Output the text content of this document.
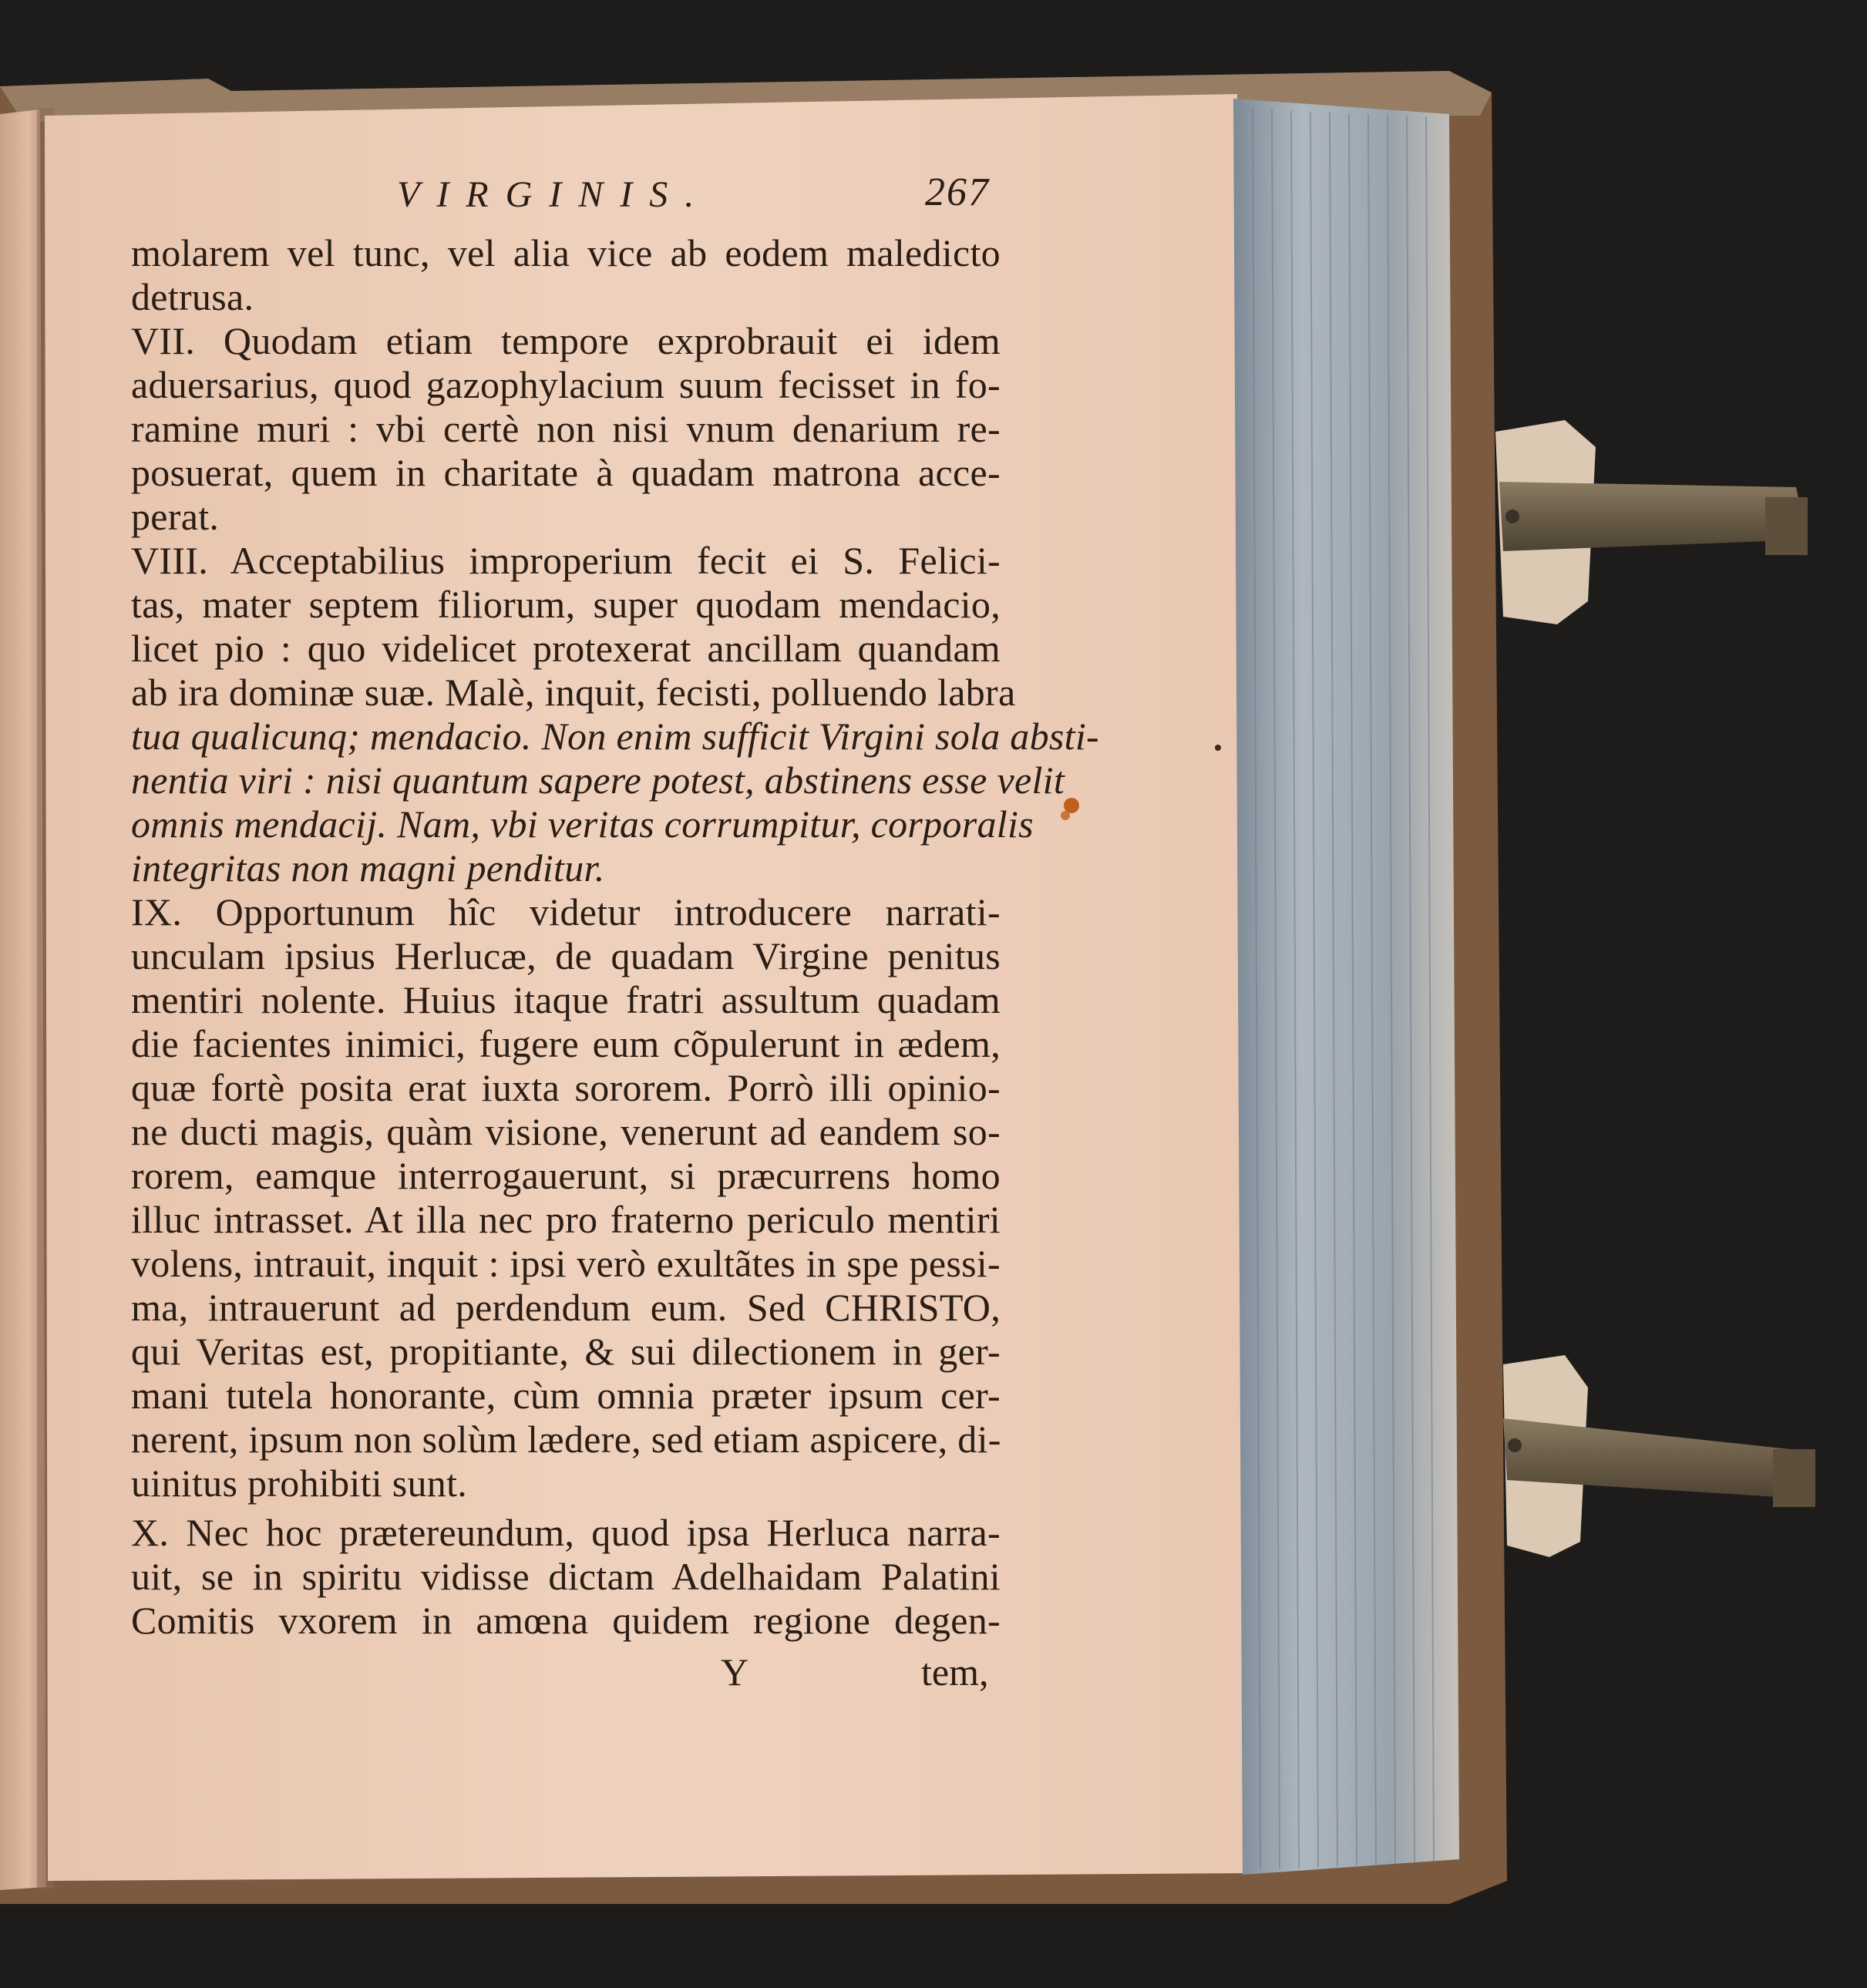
VIRGINIS.	267
molarem vel tunc, vel alia vice ab eodem maledicto
detrusa.
VII. Quodam etiam tempore exprobrauit ei idem
aduersarius, quod gazophylacium suum fecisset in fo-
ramine muri : vbi certè non nisi vnum denarium re-
posuerat, quem in charitate à quadam matrona acce-
perat.
VIII. Acceptabilius improperium fecit ei S. Felici-
tas, mater septem filiorum, super quodam mendacio,
licet pio : quo videlicet protexerat ancillam quandam
ab ira dominæ suæ. Malè, inquit, fecisti, polluendo labra
tua qualicunq; mendacio. Non enim sufficit Virgini sola absti-
nentia viri : nisi quantum sapere potest, abstinens esse velit
omnis mendacij. Nam, vbi veritas corrumpitur, corporalis
integritas non magni penditur.
IX. Opportunum hîc videtur introducere narrati-
unculam ipsius Herlucæ, de quadam Virgine penitus
mentiri nolente. Huius itaque fratri assultum quadam
die facientes inimici, fugere eum cõpulerunt in ædem,
quæ fortè posita erat iuxta sororem. Porrò illi opinio-
ne ducti magis, quàm visione, venerunt ad eandem so-
rorem, eamque interrogauerunt, si præcurrens homo
illuc intrasset. At illa nec pro fraterno periculo mentiri
volens, intrauit, inquit : ipsi verò exultãtes in spe pessi-
ma, intrauerunt ad perdendum eum. Sed CHRISTO,
qui Veritas est, propitiante, & sui dilectionem in ger-
mani tutela honorante, cùm omnia præter ipsum cer-
nerent, ipsum non solùm lædere, sed etiam aspicere, di-
uinitus prohibiti sunt.
X. Nec hoc prætereundum, quod ipsa Herluca narra-
uit, se in spiritu vidisse dictam Adelhaidam Palatini
Comitis vxorem in amœna quidem regione degen-
Y	tem,
